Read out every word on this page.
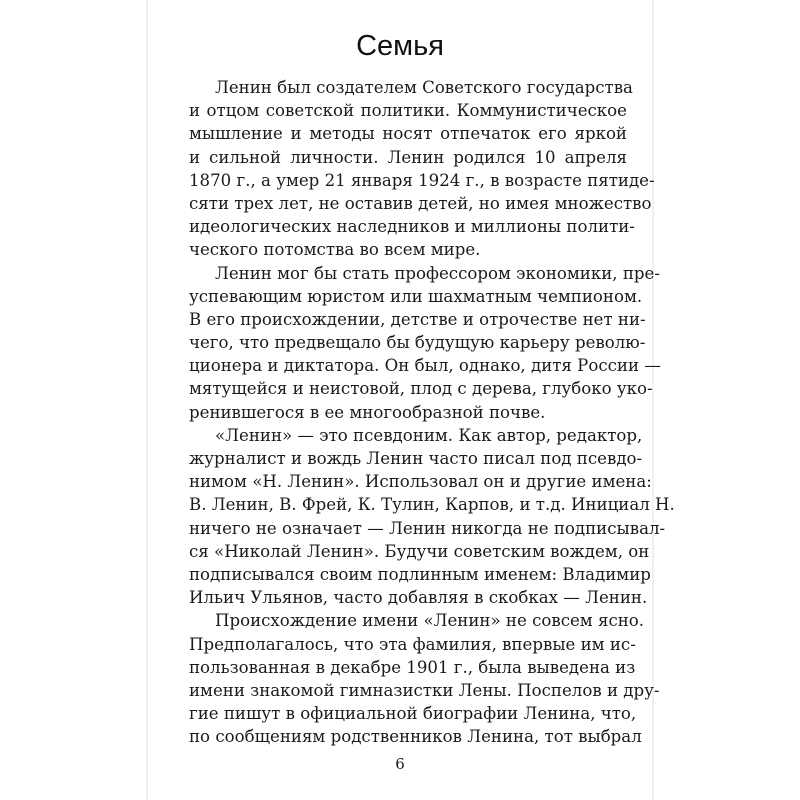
Семья

Ленин был создателем Советского государства
и отцом советской политики. Коммунистическое
мышление и методы носят отпечаток его яркой
и сильной личности. Ленин родился 10 апреля
1870 г., а умер 21 января 1924 г., в возрасте пятиде-
сяти трех лет, не оставив детей, но имея множество
идеологических наследников и миллионы полити-
ческого потомства во всем мире.

Ленин мог бы стать профессором экономики, пре-
успевающим юристом или шахматным чемпионом.
В его происхождении, детстве и отрочестве нет ни-
чего, что предвещало бы будущую карьеру револю-
ционера и диктатора. Он был, однако, дитя России —
мятущейся и неистовой, плод с дерева, глубоко уко-
ренившегося в ее многообразной почве.

«Ленин» — это псевдоним. Как автор, редактор,
журналист и вождь Ленин часто писал под псевдо-
нимом «Н. Ленин». Использовал он и другие имена:
В. Ленин, В. Фрей, К. Тулин, Карпов, и т.д. Инициал Н.
ничего не означает — Ленин никогда не подписывал-
ся «Николай Ленин». Будучи советским вождем, он
подписывался своим подлинным именем: Владимир
Ильич Ульянов, часто добавляя в скобках — Ленин.

Происхождение имени «Ленин» не совсем ясно.
Предполагалось, что эта фамилия, впервые им ис-
пользованная в декабре 1901 г., была выведена из
имени знакомой гимназистки Лены. Поспелов и дру-
гие пишут в официальной биографии Ленина, что,
по сообщениям родственников Ленина, тот выбрал

6
